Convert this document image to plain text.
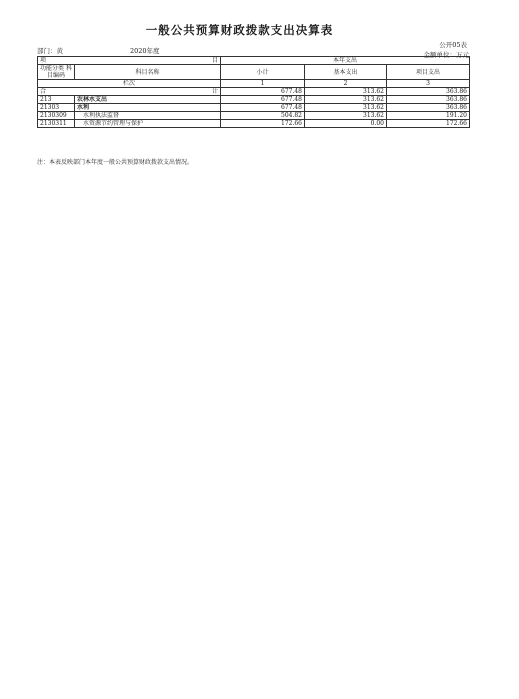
一般公共预算财政拨款支出决算表
公开05表
部门：黄	2020年度	金额单位：万元
项 目		本年支出		
功能分类 科目编码	科目名称	小计	基本支出	项目支出
栏次		1	2	3
合 计		677.48	313.62	363.86
213	农林水支出	677.48	313.62	363.86
21303	水利	677.48	313.62	363.86
2130309	水利执法监督	504.82	313.62	191.20
2130311	水资源节约管理与保护	172.66	0.00	172.66
注：本表反映部门本年度一般公共预算财政拨款支出情况。
